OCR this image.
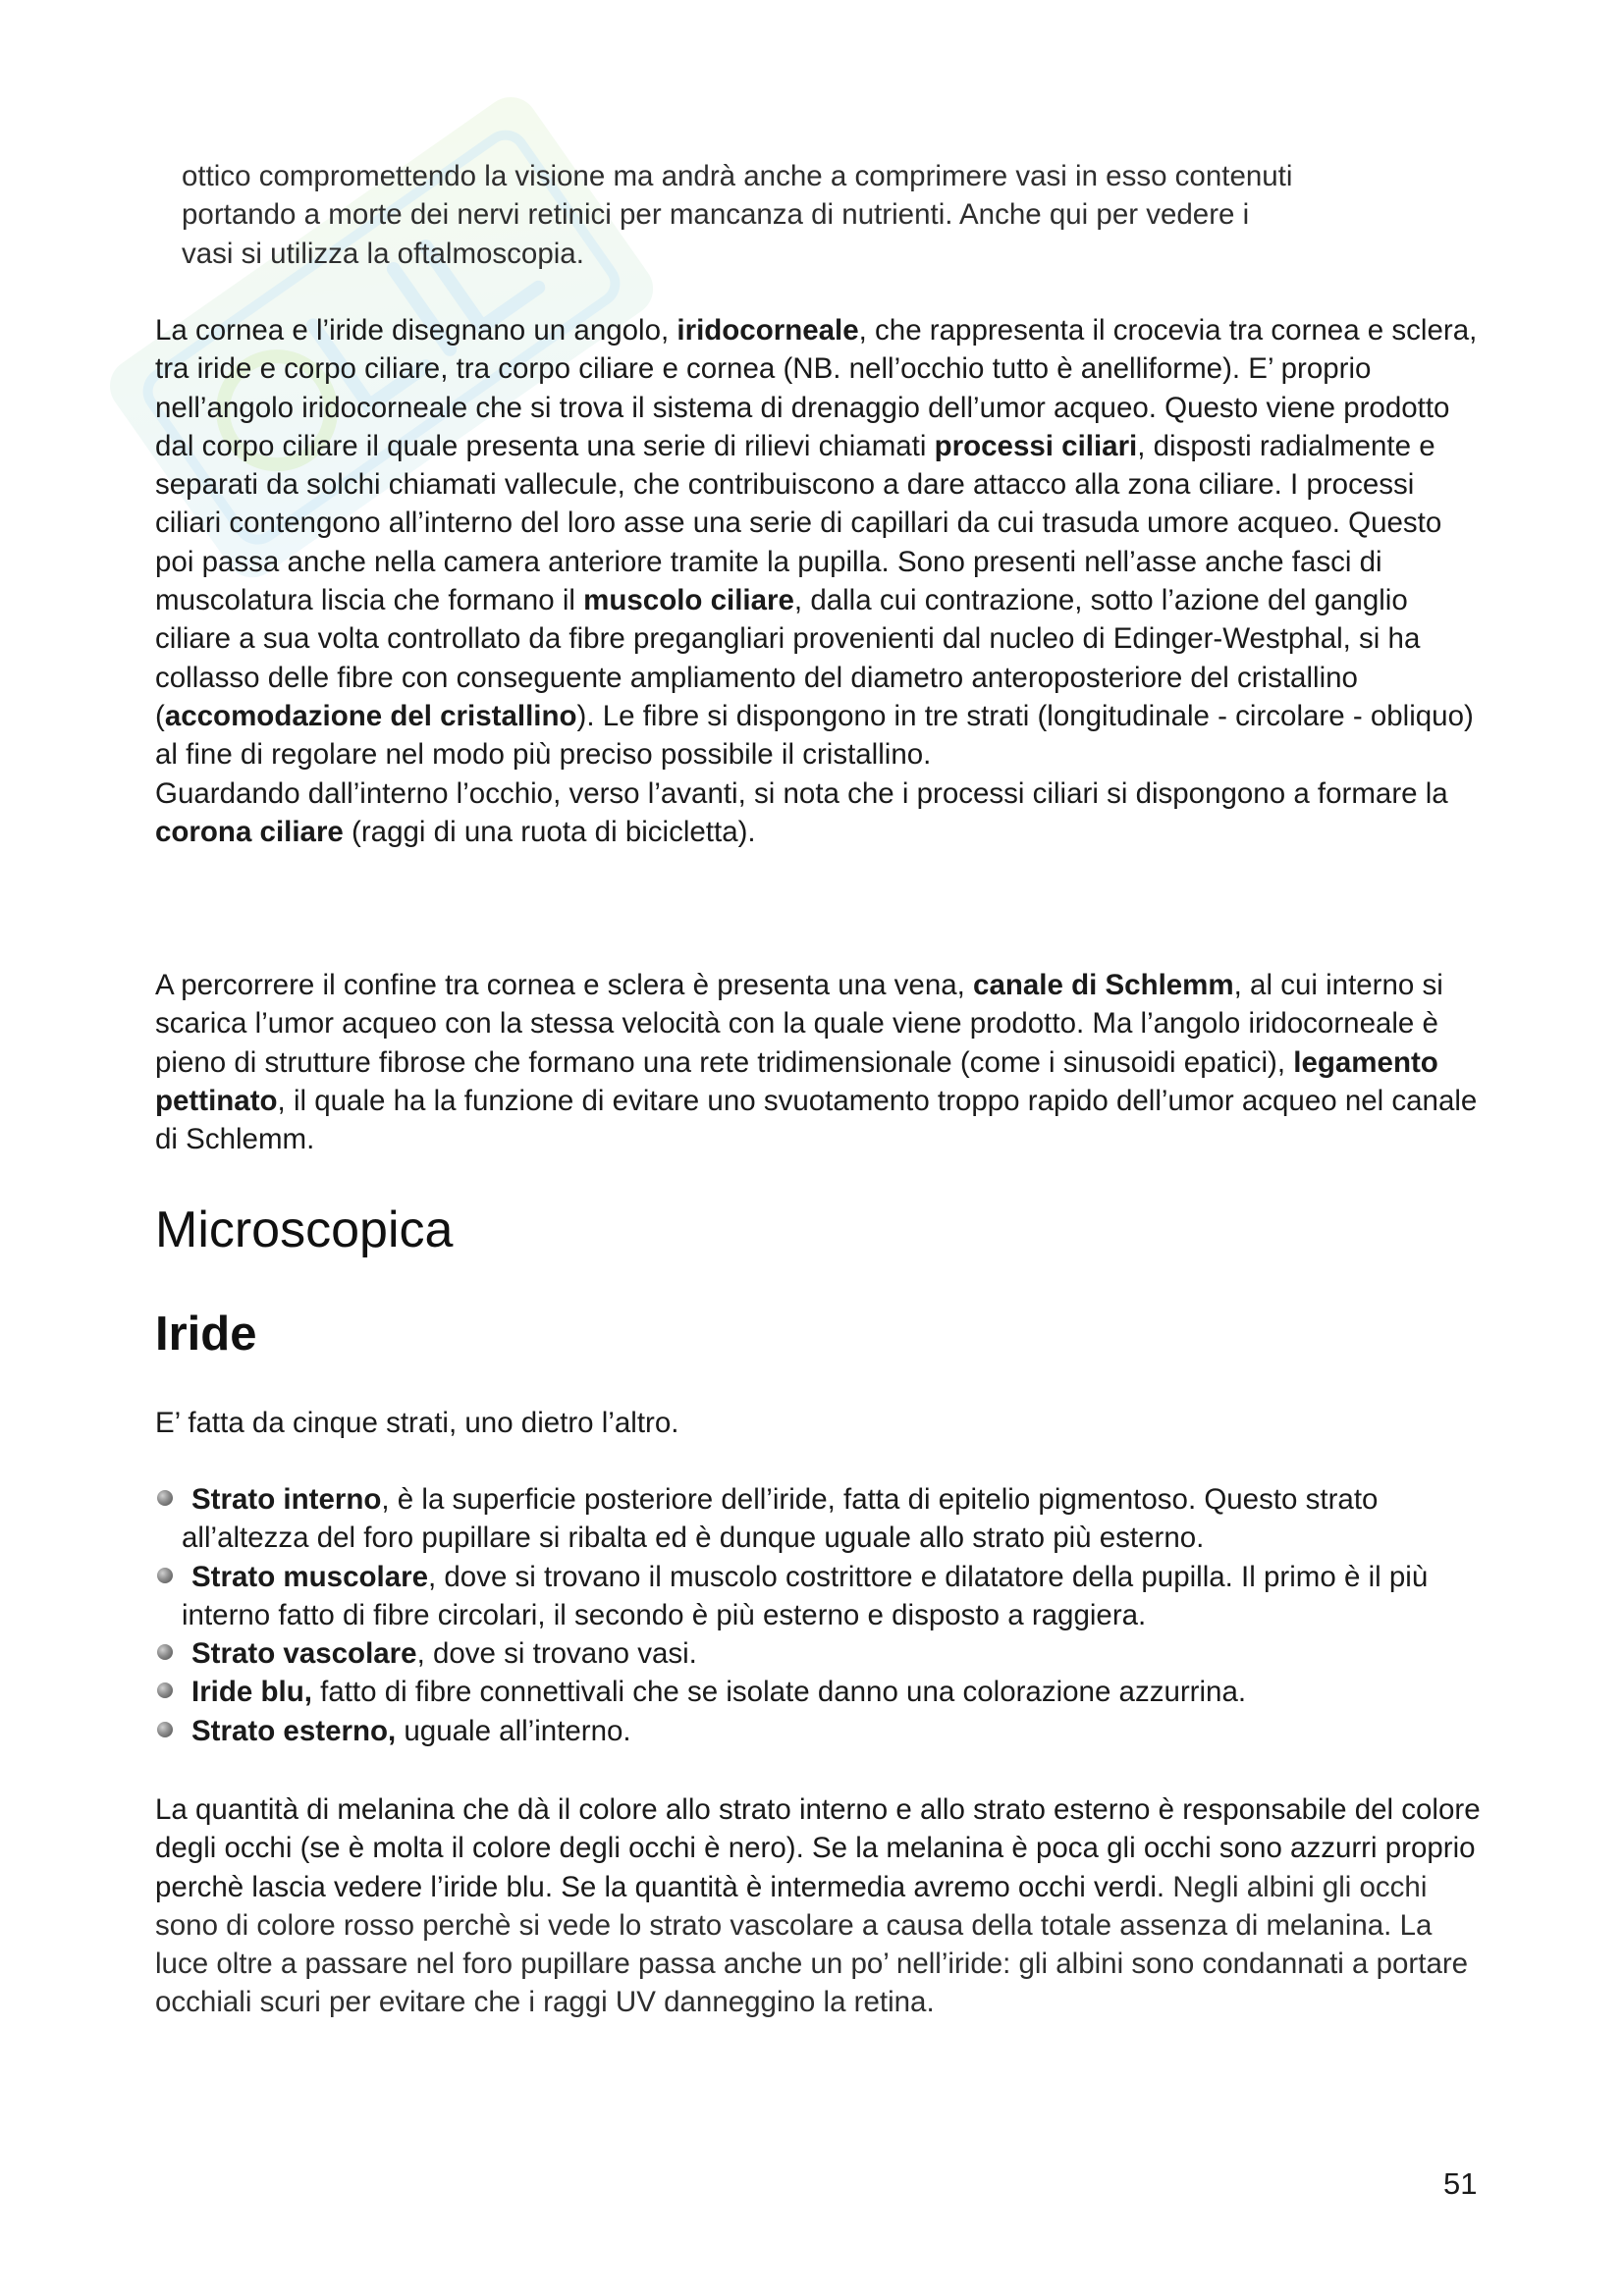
ottico compromettendo la visione ma andrà anche a comprimere vasi in esso contenuti

portando a morte dei nervi retinici per mancanza di nutrienti. Anche qui per vedere i

vasi si utilizza la oftalmoscopia.

La cornea e l’iride disegnano un angolo, iridocorneale, che rappresenta il crocevia tra cornea e sclera, tra iride e corpo ciliare, tra corpo ciliare e cornea (NB. nell’occhio tutto è anelliforme). E’ proprio nell’angolo iridocorneale che si trova il sistema di drenaggio dell’umor acqueo. Questo viene prodotto dal corpo ciliare il quale presenta una serie di rilievi chiamati processi ciliari, disposti radialmente e separati da solchi chiamati vallecule, che contribuiscono a dare attacco alla zona ciliare. I processi ciliari contengono all’interno del loro asse una serie di capillari da cui trasuda umore acqueo. Questo poi passa anche nella camera anteriore tramite la pupilla. Sono presenti nell’asse anche fasci di muscolatura liscia che formano il muscolo ciliare, dalla cui contrazione, sotto l’azione del ganglio ciliare a sua volta controllato da fibre pregangliari provenienti dal nucleo di Edinger-Westphal, si ha collasso delle fibre con conseguente ampliamento del diametro anteroposteriore del cristallino (accomodazione del cristallino). Le fibre si dispongono in tre strati (longitudinale - circolare - obliquo) al fine di regolare nel modo più preciso possibile il cristallino.

Guardando dall’interno l’occhio, verso l’avanti, si nota che i processi ciliari si dispongono a formare la corona ciliare (raggi di una ruota di bicicletta).

A percorrere il confine tra cornea e sclera è presenta una vena, canale di Schlemm, al cui interno si scarica l’umor acqueo con la stessa velocità con la quale viene prodotto. Ma l’angolo iridocorneale è pieno di strutture fibrose che formano una rete tridimensionale (come i sinusoidi epatici), legamento pettinato, il quale ha la funzione di evitare uno svuotamento troppo rapido dell’umor acqueo nel canale di Schlemm.

Microscopica
Iride

E’ fatta da cinque strati, uno dietro l’altro.

Strato interno, è la superficie posteriore dell’iride, fatta di epitelio pigmentoso. Questo strato all’altezza del foro pupillare si ribalta ed è dunque uguale allo strato più esterno.
Strato muscolare, dove si trovano il muscolo costrittore e dilatatore della pupilla. Il primo è il più interno fatto di fibre circolari, il secondo è più esterno e disposto a raggiera.
Strato vascolare, dove si trovano vasi.
Iride blu, fatto di fibre connettivali che se isolate danno una colorazione azzurrina.
Strato esterno, uguale all’interno.

La quantità di melanina che dà il colore allo strato interno e allo strato esterno è responsabile del colore degli occhi (se è molta il colore degli occhi è nero). Se la melanina è poca gli occhi sono azzurri proprio perchè lascia vedere l’iride blu. Se la quantità è intermedia avremo occhi verdi. Negli albini gli occhi sono di colore rosso perchè si vede lo strato vascolare a causa della totale assenza di melanina. La luce oltre a passare nel foro pupillare passa anche un po’ nell’iride: gli albini sono condannati a portare occhiali scuri per evitare che i raggi UV danneggino la retina.

51
